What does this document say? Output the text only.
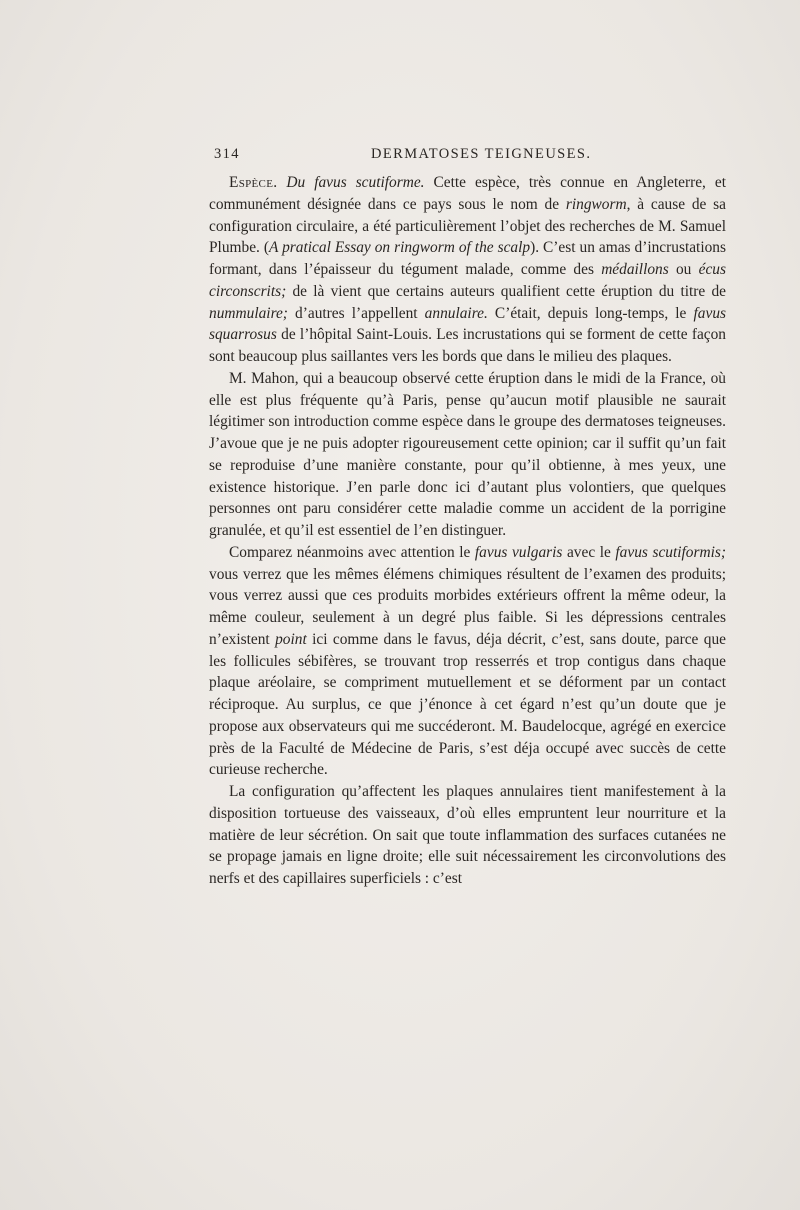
314	DERMATOSES TEIGNEUSES.

Espèce. Du favus scutiforme. Cette espèce, très connue en Angleterre, et communément désignée dans ce pays sous le nom de ringworm, à cause de sa configuration circulaire, a été particulièrement l’objet des recherches de M. Samuel Plumbe. (A pratical Essay on ringworm of the scalp). C’est un amas d’incrustations formant, dans l’épaisseur du tégument malade, comme des médaillons ou écus circonscrits; de là vient que certains auteurs qualifient cette éruption du titre de nummulaire; d’autres l’appellent annulaire. C’était, depuis long-temps, le favus squarrosus de l’hôpital Saint-Louis. Les incrustations qui se forment de cette façon sont beaucoup plus saillantes vers les bords que dans le milieu des plaques.

M. Mahon, qui a beaucoup observé cette éruption dans le midi de la France, où elle est plus fréquente qu’à Paris, pense qu’aucun motif plausible ne saurait légitimer son introduction comme espèce dans le groupe des dermatoses teigneuses. J’avoue que je ne puis adopter rigoureusement cette opinion; car il suffit qu’un fait se reproduise d’une manière constante, pour qu’il obtienne, à mes yeux, une existence historique. J’en parle donc ici d’autant plus volontiers, que quelques personnes ont paru considérer cette maladie comme un accident de la porrigine granulée, et qu’il est essentiel de l’en distinguer.

Comparez néanmoins avec attention le favus vulgaris avec le favus scutiformis; vous verrez que les mêmes élémens chimiques résultent de l’examen des produits; vous verrez aussi que ces produits morbides extérieurs offrent la même odeur, la même couleur, seulement à un degré plus faible. Si les dépressions centrales n’existent point ici comme dans le favus, déja décrit, c’est, sans doute, parce que les follicules sébifères, se trouvant trop resserrés et trop contigus dans chaque plaque aréolaire, se compriment mutuellement et se déforment par un contact réciproque. Au surplus, ce que j’énonce à cet égard n’est qu’un doute que je propose aux observateurs qui me succéderont. M. Baudelocque, agrégé en exercice près de la Faculté de Médecine de Paris, s’est déja occupé avec succès de cette curieuse recherche.

La configuration qu’affectent les plaques annulaires tient manifestement à la disposition tortueuse des vaisseaux, d’où elles empruntent leur nourriture et la matière de leur sécrétion. On sait que toute inflammation des surfaces cutanées ne se propage jamais en ligne droite; elle suit nécessairement les circonvolutions des nerfs et des capillaires superficiels : c’est
